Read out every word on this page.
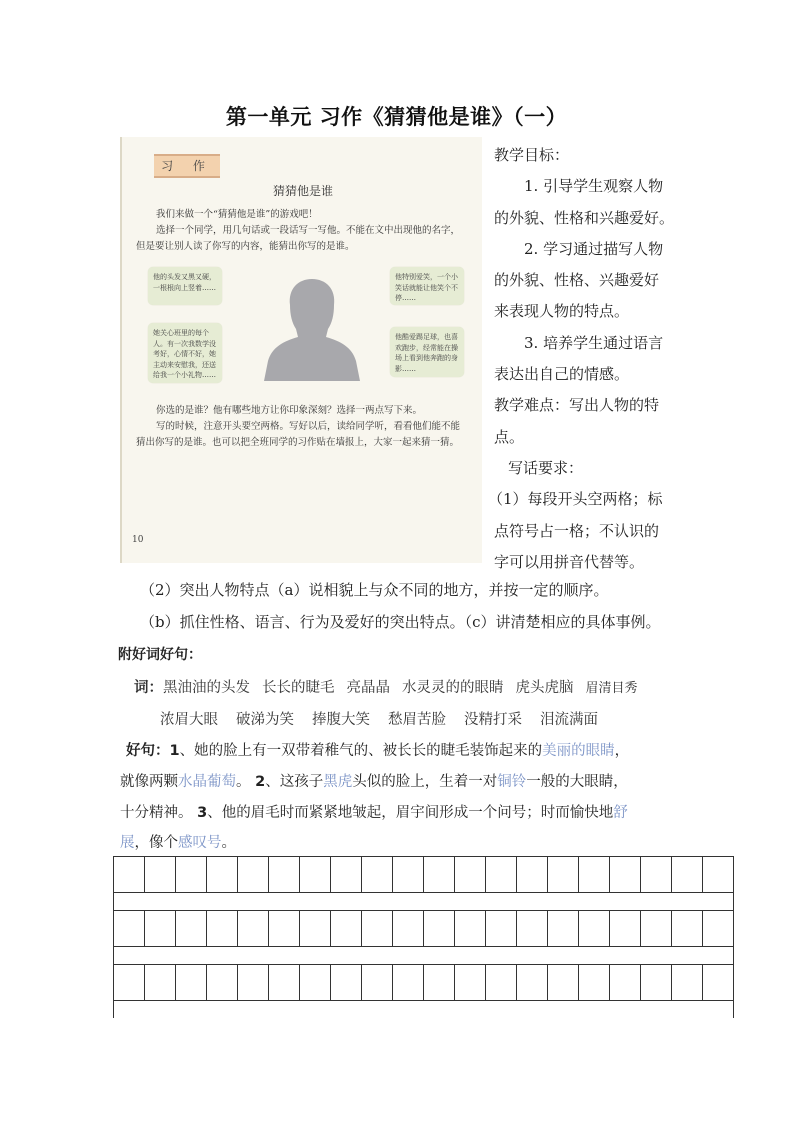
第一单元 习作《猜猜他是谁》（一）
习 作
猜猜他是谁
我们来做一个“猜猜他是谁”的游戏吧！
选择一个同学，用几句话或一段话写一写他。不能在文中出现他的名字，但是要让别人读了你写的内容，能猜出你写的是谁。
他的头发又黑又硬，一根根向上竖着……
他特别爱笑，一个小笑话就能让他笑个不停……
她关心班里的每个人。有一次我数学没考好，心情不好，她主动来安慰我，还送给我一个小礼物……
他酷爱踢足球，也喜欢跑步，经常能在操场上看到他奔跑的身影……
你选的是谁？他有哪些地方让你印象深刻？选择一两点写下来。
写的时候，注意开头要空两格。写好以后，读给同学听，看看他们能不能猜出你写的是谁。也可以把全班同学的习作贴在墙报上，大家一起来猜一猜。
10
教学目标：
1. 引导学生观察人物
的外貌、性格和兴趣爱好。
2. 学习通过描写人物
的外貌、性格、兴趣爱好
来表现人物的特点。
3. 培养学生通过语言
表达出自己的情感。
教学难点：写出人物的特
点。
写话要求：
（1）每段开头空两格；标
点符号占一格；不认识的
字可以用拼音代替等。
（2）突出人物特点（a）说相貌上与众不同的地方，并按一定的顺序。
（b）抓住性格、语言、行为及爱好的突出特点。（c）讲清楚相应的具体事例。
附好词好句：
词：黑油油的头发 长长的睫毛 亮晶晶 水灵灵的的眼睛 虎头虎脑 眉清目秀
浓眉大眼 破涕为笑 捧腹大笑 愁眉苦脸 没精打采 泪流满面
好句：1、她的脸上有一双带着稚气的、被长长的睫毛装饰起来的美丽的眼睛，
就像两颗水晶葡萄。 2、这孩子黑虎头似的脸上，生着一对铜铃一般的大眼睛，
十分精神。 3、他的眉毛时而紧紧地皱起，眉宇间形成一个问号；时而愉快地舒
展，像个感叹号。
